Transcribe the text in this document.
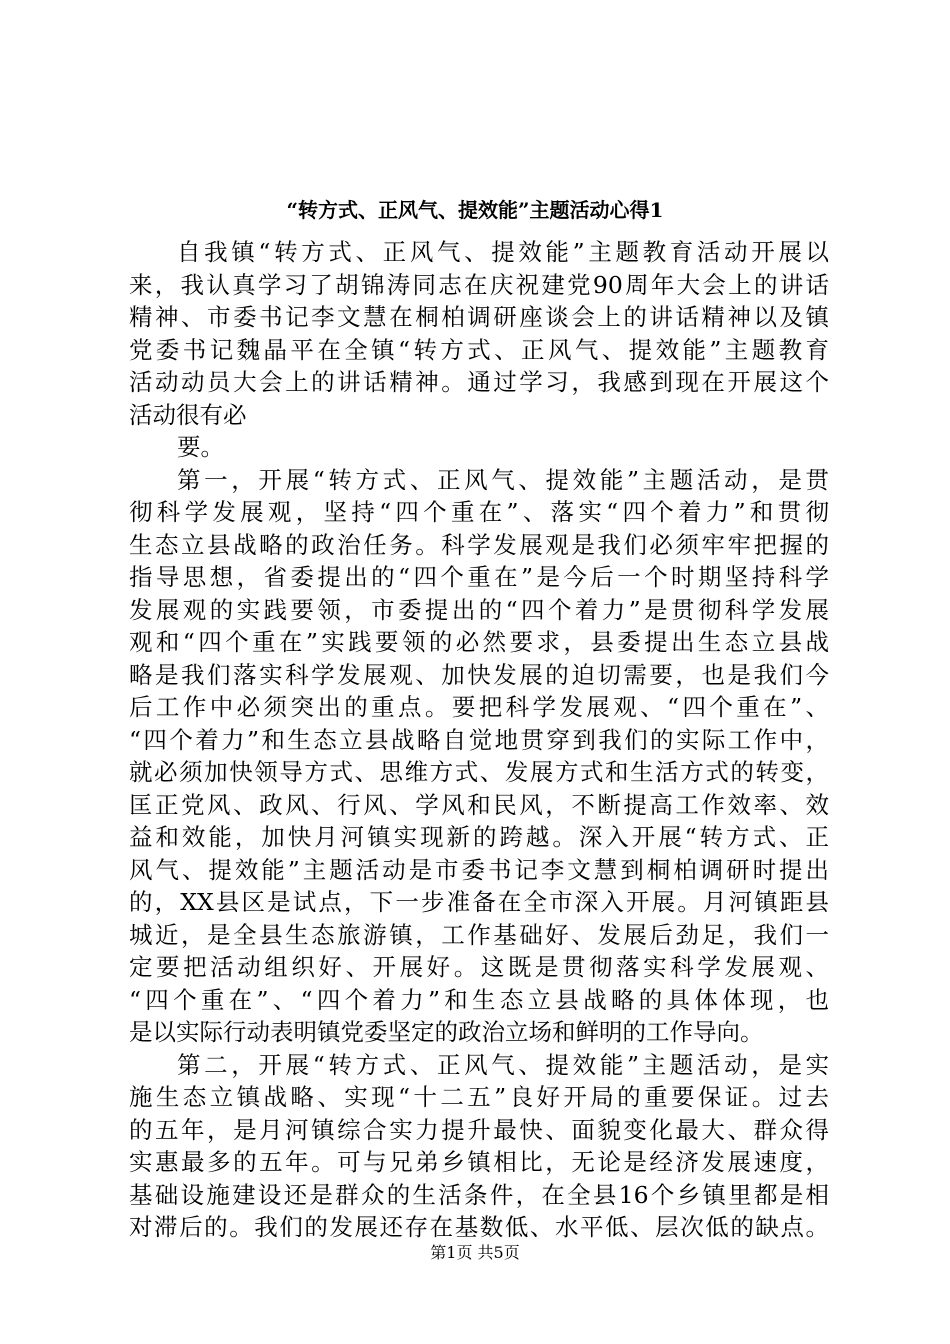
“转方式、正风气、提效能”主题活动心得1
自我镇“转方式、正风气、提效能”主题教育活动开展以
来，我认真学习了胡锦涛同志在庆祝建党90周年大会上的讲话
精神、市委书记李文慧在桐柏调研座谈会上的讲话精神以及镇
党委书记魏晶平在全镇“转方式、正风气、提效能”主题教育
活动动员大会上的讲话精神。通过学习，我感到现在开展这个
活动很有必
要。
第一，开展“转方式、正风气、提效能”主题活动，是贯
彻科学发展观，坚持“四个重在”、落实“四个着力”和贯彻
生态立县战略的政治任务。科学发展观是我们必须牢牢把握的
指导思想，省委提出的“四个重在”是今后一个时期坚持科学
发展观的实践要领，市委提出的“四个着力”是贯彻科学发展
观和“四个重在”实践要领的必然要求，县委提出生态立县战
略是我们落实科学发展观、加快发展的迫切需要，也是我们今
后工作中必须突出的重点。要把科学发展观、“四个重在”、
“四个着力”和生态立县战略自觉地贯穿到我们的实际工作中，
就必须加快领导方式、思维方式、发展方式和生活方式的转变，
匡正党风、政风、行风、学风和民风，不断提高工作效率、效
益和效能，加快月河镇实现新的跨越。深入开展“转方式、正
风气、提效能”主题活动是市委书记李文慧到桐柏调研时提出
的，XX县区是试点，下一步准备在全市深入开展。月河镇距县
城近，是全县生态旅游镇，工作基础好、发展后劲足，我们一
定要把活动组织好、开展好。这既是贯彻落实科学发展观、
“四个重在”、“四个着力”和生态立县战略的具体体现，也
是以实际行动表明镇党委坚定的政治立场和鲜明的工作导向。
第二，开展“转方式、正风气、提效能”主题活动，是实
施生态立镇战略、实现“十二五”良好开局的重要保证。过去
的五年，是月河镇综合实力提升最快、面貌变化最大、群众得
实惠最多的五年。可与兄弟乡镇相比，无论是经济发展速度，
基础设施建设还是群众的生活条件，在全县16个乡镇里都是相
对滞后的。我们的发展还存在基数低、水平低、层次低的缺点。
第1页 共5页
